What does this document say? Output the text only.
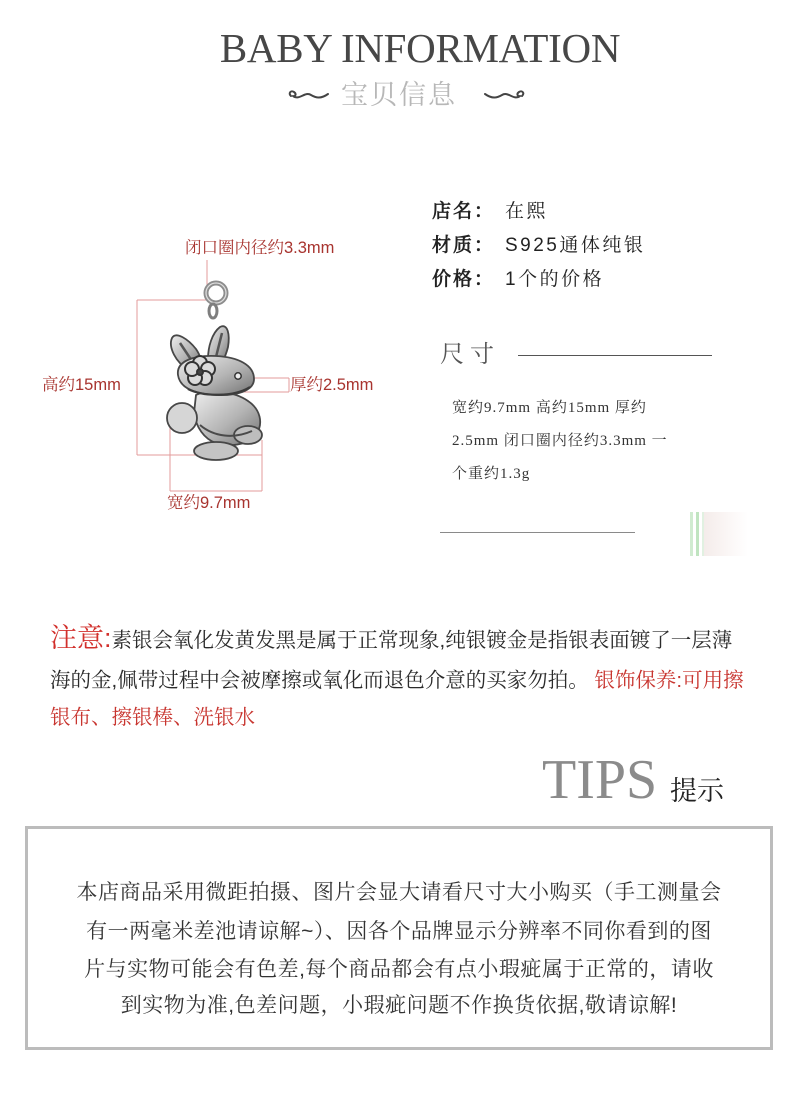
BABY INFORMATION
宝贝信息
闭口圈内径约3.3mm
高约15mm	厚约2.5mm
宽约9.7mm
店名： 在熙
材质： S925通体纯银
价格： 1个的价格
尺寸
宽约9.7mm 高约15mm 厚约
2.5mm 闭口圈内径约3.3mm 一
个重约1.3g
注意:素银会氧化发黄发黑是属于正常现象,纯银镀金是指银表面镀了一层薄
海的金,佩带过程中会被摩擦或氧化而退色介意的买家勿拍。 银饰保养:可用擦
银布、擦银棒、洗银水
TIPS 提示
本店商品采用微距拍摄、图片会显大请看尺寸大小购买（手工测量会
有一两毫米差池请谅解~）、因各个品牌显示分辨率不同你看到的图
片与实物可能会有色差,每个商品都会有点小瑕疵属于正常的，请收
到实物为准,色差问题，小瑕疵问题不作换货依据,敬请谅解!
